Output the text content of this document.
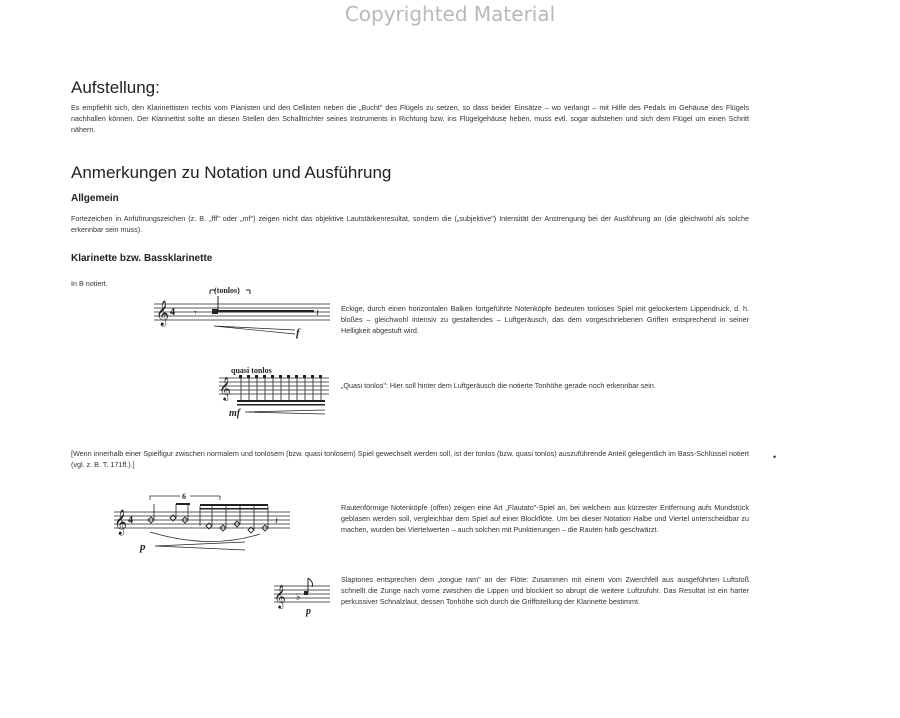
Copyrighted Material
Aufstellung:
Es empfiehlt sich, den Klarinettisten rechts vom Pianisten und den Cellisten neben die „Bucht" des Flügels zu setzen, so dass beider Einsätze – wo verlangt – mit Hilfe des Pedals im Gehäuse des Flügels nachhallen können. Der Klarinettist sollte an diesen Stellen den Schalltrichter seines Instruments in Richtung bzw. ins Flügelgehäuse heben, muss evtl. sogar aufstehen und sich dem Flügel um einen Schritt nähern.
Anmerkungen zu Notation und Ausführung
Allgemein
Fortezeichen in Anführungszeichen (z. B. „fff" oder „mf") zeigen nicht das objektive Lautstärkenresultat, sondern die („subjektive") Intensität der Anstrengung bei der Ausführung an (die gleichwohl als solche erkennbar sein muss).
Klarinette bzw. Bassklarinette
In B notiert.
𝄞 4 𝄾
(tonlos)
f
𝄽	Eckige, durch einen horizontalen Balken fortgeführte Notenköpfe bedeuten tonloses Spiel mit gelockertem Lippendruck, d. h. bloßes – gleichwohl intensiv zu gestaltendes – Luftgeräusch, das dem vorgeschriebenen Griffen entsprechend in seiner Helligkeit abgestuft wird.
quasi tonlos
𝄞
mf
„Quasi tonlos": Hier soll hinter dem Luftgeräusch die notierte Tonhöhe gerade noch erkennbar sein.
[Wenn innerhalb einer Spielfigur zwischen normalem und tonlosem (bzw. quasi tonlosem) Spiel gewechselt werden soll, ist der tonlos (bzw. quasi tonlos) auszuführende Anteil gelegentlich im Bass-Schlüssel notiert (vgl. z. B. T. 171ff.).]
•
6
𝄞 4	𝄽
p
Rautenförmige Notenköpfe (offen) zeigen eine Art „Flautato"-Spiel an, bei welchem aus kürzester Entfernung aufs Mundstück geblasen werden soll, vergleichbar dem Spiel auf einer Blockflöte. Um bei dieser Notation Halbe und Viertel unterscheidbar zu machen, wurden bei Viertelwerten – auch solchen mit Punktierungen – die Rauten halb geschwärzt.
𝄞 ♭
p
Slaptones entsprechen dem „tongue ram" an der Flöte: Zusammen mit einem vom Zwerchfell aus ausgeführten Luftstoß schnellt die Zunge nach vorne zwischen die Lippen und blockiert so abrupt die weitere Luftzufuhr. Das Resultat ist ein harter perkussiver Schnalzlaut, dessen Tonhöhe sich durch die Grifftstellung der Klarinette bestimmt.
